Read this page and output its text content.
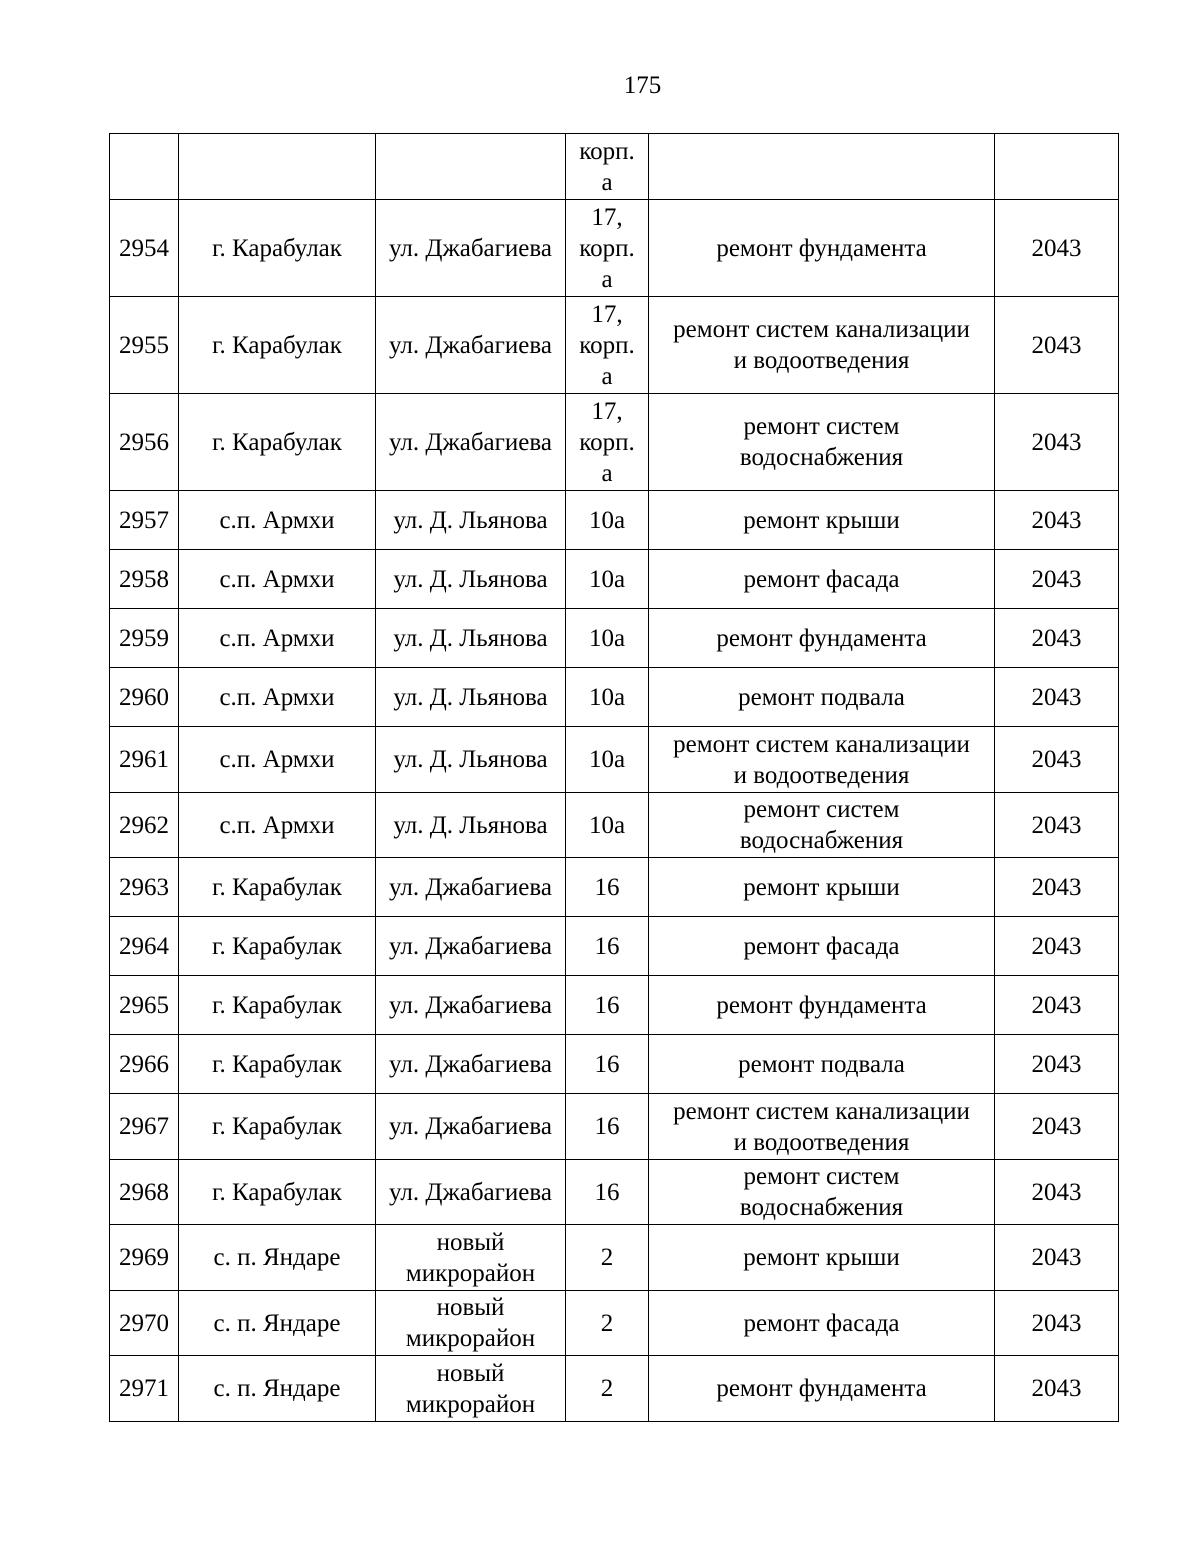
175
			корп.
а		
2954	г. Карабулак	ул. Джабагиева	17,
корп.
а	ремонт фундамента	2043
2955	г. Карабулак	ул. Джабагиева	17,
корп.
а	ремонт систем канализации
и водоотведения	2043
2956	г. Карабулак	ул. Джабагиева	17,
корп.
а	ремонт систем
водоснабжения	2043
2957	с.п. Армхи	ул. Д. Льянова	10а	ремонт крыши	2043
2958	с.п. Армхи	ул. Д. Льянова	10а	ремонт фасада	2043
2959	с.п. Армхи	ул. Д. Льянова	10а	ремонт фундамента	2043
2960	с.п. Армхи	ул. Д. Льянова	10а	ремонт подвала	2043
2961	с.п. Армхи	ул. Д. Льянова	10а	ремонт систем канализации
и водоотведения	2043
2962	с.п. Армхи	ул. Д. Льянова	10а	ремонт систем
водоснабжения	2043
2963	г. Карабулак	ул. Джабагиева	16	ремонт крыши	2043
2964	г. Карабулак	ул. Джабагиева	16	ремонт фасада	2043
2965	г. Карабулак	ул. Джабагиева	16	ремонт фундамента	2043
2966	г. Карабулак	ул. Джабагиева	16	ремонт подвала	2043
2967	г. Карабулак	ул. Джабагиева	16	ремонт систем канализации
и водоотведения	2043
2968	г. Карабулак	ул. Джабагиева	16	ремонт систем
водоснабжения	2043
2969	с. п. Яндаре	новый
микрорайон	2	ремонт крыши	2043
2970	с. п. Яндаре	новый
микрорайон	2	ремонт фасада	2043
2971	с. п. Яндаре	новый
микрорайон	2	ремонт фундамента	2043
